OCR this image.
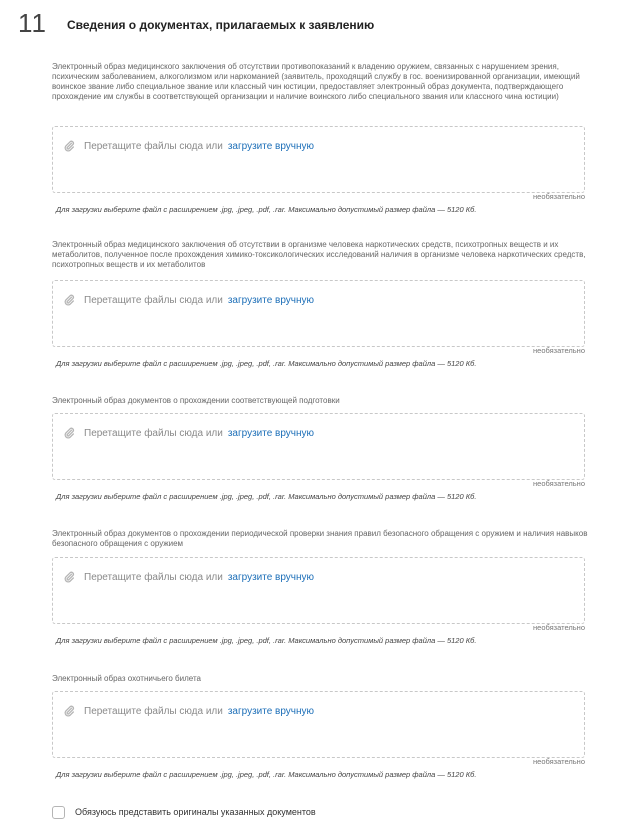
11 Сведения о документах, прилагаемых к заявлению
Электронный образ медицинского заключения об отсутствии противопоказаний к владению оружием, связанных с нарушением зрения, психическим заболеванием, алкоголизмом или наркоманией (заявитель, проходящий службу в гос. военизированной организации, имеющий воинское звание либо специальное звание или классный чин юстиции, предоставляет электронный образ документа, подтверждающего прохождение им службы в соответствующей организации и наличие воинского либо специального звания или классного чина юстиции)
Перетащите файлы сюда или загрузите вручную
необязательно
Для загрузки выберите файл с расширением .jpg, .jpeg, .pdf, .rar. Максимально допустимый размер файла — 5120 Кб.
Электронный образ медицинского заключения об отсутствии в организме человека наркотических средств, психотропных веществ и их метаболитов, полученное после прохождения химико-токсикологических исследований наличия в организме человека наркотических средств, психотропных веществ и их метаболитов
Перетащите файлы сюда или загрузите вручную
необязательно
Для загрузки выберите файл с расширением .jpg, .jpeg, .pdf, .rar. Максимально допустимый размер файла — 5120 Кб.
Электронный образ документов о прохождении соответствующей подготовки
Перетащите файлы сюда или загрузите вручную
необязательно
Для загрузки выберите файл с расширением .jpg, .jpeg, .pdf, .rar. Максимально допустимый размер файла — 5120 Кб.
Электронный образ документов о прохождении периодической проверки знания правил безопасного обращения с оружием и наличия навыков безопасного обращения с оружием
Перетащите файлы сюда или загрузите вручную
необязательно
Для загрузки выберите файл с расширением .jpg, .jpeg, .pdf, .rar. Максимально допустимый размер файла — 5120 Кб.
Электронный образ охотничьего билета
Перетащите файлы сюда или загрузите вручную
необязательно
Для загрузки выберите файл с расширением .jpg, .jpeg, .pdf, .rar. Максимально допустимый размер файла — 5120 Кб.
Обязуюсь представить оригиналы указанных документов
